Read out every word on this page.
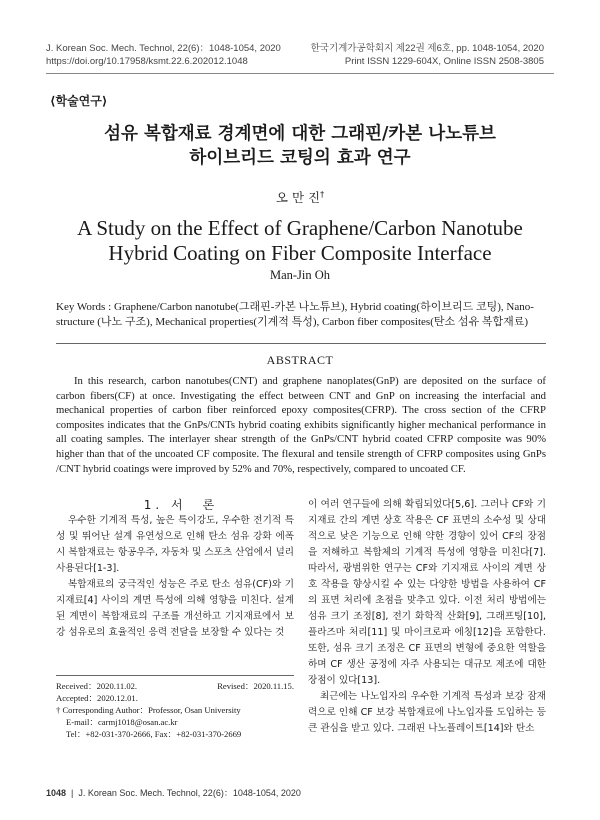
J. Korean Soc. Mech. Technol, 22(6)：1048-1054, 2020
https://doi.org/10.17958/ksmt.22.6.202012.1048
한국기계가공학회지 제22권 제6호, pp. 1048-1054, 2020
Print ISSN 1229-604X, Online ISSN 2508-3805
⟨학술연구⟩
섬유 복합재료 경계면에 대한 그래핀/카본 나노튜브
하이브리드 코팅의 효과 연구
오 만 진†
A Study on the Effect of Graphene/Carbon Nanotube
Hybrid Coating on Fiber Composite Interface
Man-Jin Oh
Key Words : Graphene/Carbon nanotube(그래핀-카본 나노튜브), Hybrid coating(하이브리드 코팅), Nano-structure (나노 구조), Mechanical properties(기계적 특성), Carbon fiber composites(탄소 섬유 복합재료)
ABSTRACT

In this research, carbon nanotubes(CNT) and graphene nanoplates(GnP) are deposited on the surface of carbon fibers(CF) at once. Investigating the effect between CNT and GnP on increasing the interfacial and mechanical properties of carbon fiber reinforced epoxy composites(CFRP). The cross section of the CFRP composites indicates that the GnPs/CNTs hybrid coating exhibits significantly higher mechanical performance in all coating samples. The interlayer shear strength of the GnPs/CNT hybrid coated CFRP composite was 90% higher than that of the uncoated CF composite. The flexural and tensile strength of CFRP composites using GnPs /CNT hybrid coatings were improved by 52% and 70%, respectively, compared to uncoated CF.

1. 서　론

우수한 기계적 특성, 높은 특이강도, 우수한 전기적 특성 및 뛰어난 설계 유연성으로 인해 탄소 섬유 강화 에폭시 복합재료는 항공우주, 자동차 및 스포츠 산업에서 널리 사용된다[1-3].

복합재료의 궁극적인 성능은 주로 탄소 섬유(CF)와 기지재료[4] 사이의 계면 특성에 의해 영향을 미친다. 설계된 계면이 복합재료의 구조를 개선하고 기지재료에서 보강 섬유로의 효율적인 응력 전달을 보장할 수 있다는 것

이 여러 연구들에 의해 확립되었다[5,6]. 그러나 CF와 기지재료 간의 계면 상호 작용은 CF 표면의 소수성 및 상대적으로 낮은 기능으로 인해 약한 경향이 있어 CF의 장점을 저해하고 복합체의 기계적 특성에 영향을 미친다[7]. 따라서, 광범위한 연구는 CF와 기지재료 사이의 계면 상호 작용을 향상시킬 수 있는 다양한 방법을 사용하여 CF의 표면 처리에 초점을 맞추고 있다. 이전 처리 방법에는 섬유 크기 조정[8], 전기 화학적 산화[9], 그래프팅[10], 플라즈마 처리[11] 및 마이크로파 에칭[12]을 포함한다. 또한, 섬유 크기 조정은 CF 표면의 변형에 중요한 역할을 하며 CF 생산 공정에 자주 사용되는 대규모 제조에 대한 장점이 있다[13].

최근에는 나노입자의 우수한 기계적 특성과 보강 잠재력으로 인해 CF 보강 복합재료에 나노입자를 도입하는 등 큰 관심을 받고 있다. 그래핀 나노플레이트[14]와 탄소

Received：2020.11.02.	Revised：2020.11.15.
Accepted：2020.12.01.
† Corresponding Author：Professor, Osan University
E-mail：carmj1018@osan.ac.kr
Tel：+82-031-370-2666, Fax：+82-031-370-2669
1048  |  J. Korean Soc. Mech. Technol, 22(6)：1048-1054, 2020
